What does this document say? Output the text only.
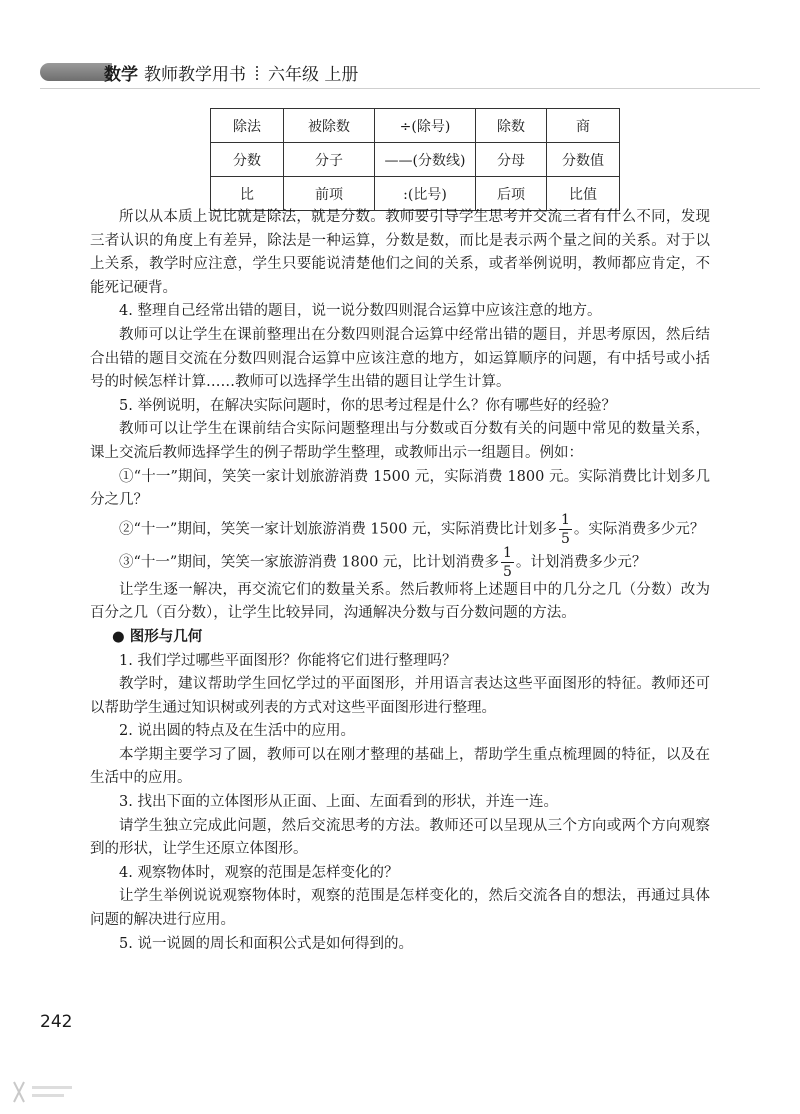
数学 教师教学用书 六年级 上册
除法	被除数	÷(除号)	除数	商
分数	分子	——(分数线)	分母	分数值
比	前项	:(比号)	后项	比值

所以从本质上说比就是除法，就是分数。教师要引导学生思考并交流三者有什么不同，发现三者认识的角度上有差异，除法是一种运算，分数是数，而比是表示两个量之间的关系。对于以上关系，教学时应注意，学生只要能说清楚他们之间的关系，或者举例说明，教师都应肯定，不能死记硬背。

4. 整理自己经常出错的题目，说一说分数四则混合运算中应该注意的地方。

教师可以让学生在课前整理出在分数四则混合运算中经常出错的题目，并思考原因，然后结合出错的题目交流在分数四则混合运算中应该注意的地方，如运算顺序的问题，有中括号或小括号的时候怎样计算……教师可以选择学生出错的题目让学生计算。

5. 举例说明，在解决实际问题时，你的思考过程是什么？你有哪些好的经验？

教师可以让学生在课前结合实际问题整理出与分数或百分数有关的问题中常见的数量关系，课上交流后教师选择学生的例子帮助学生整理，或教师出示一组题目。例如：

①“十一”期间，笑笑一家计划旅游消费 1500 元，实际消费 1800 元。实际消费比计划多几分之几？

②“十一”期间，笑笑一家计划旅游消费 1500 元，实际消费比计划多 $\frac{1}{5}$ 。实际消费多少元？

③“十一”期间，笑笑一家旅游消费 1800 元，比计划消费多 $\frac{1}{5}$ 。计划消费多少元？

让学生逐一解决，再交流它们的数量关系。然后教师将上述题目中的几分之几（分数）改为百分之几（百分数），让学生比较异同，沟通解决分数与百分数问题的方法。

● 图形与几何

1. 我们学过哪些平面图形？你能将它们进行整理吗？

教学时，建议帮助学生回忆学过的平面图形，并用语言表达这些平面图形的特征。教师还可以帮助学生通过知识树或列表的方式对这些平面图形进行整理。

2. 说出圆的特点及在生活中的应用。

本学期主要学习了圆，教师可以在刚才整理的基础上，帮助学生重点梳理圆的特征，以及在生活中的应用。

3. 找出下面的立体图形从正面、上面、左面看到的形状，并连一连。

请学生独立完成此问题，然后交流思考的方法。教师还可以呈现从三个方向或两个方向观察到的形状，让学生还原立体图形。

4. 观察物体时，观察的范围是怎样变化的？

让学生举例说说观察物体时，观察的范围是怎样变化的，然后交流各自的想法，再通过具体问题的解决进行应用。

5. 说一说圆的周长和面积公式是如何得到的。

242
